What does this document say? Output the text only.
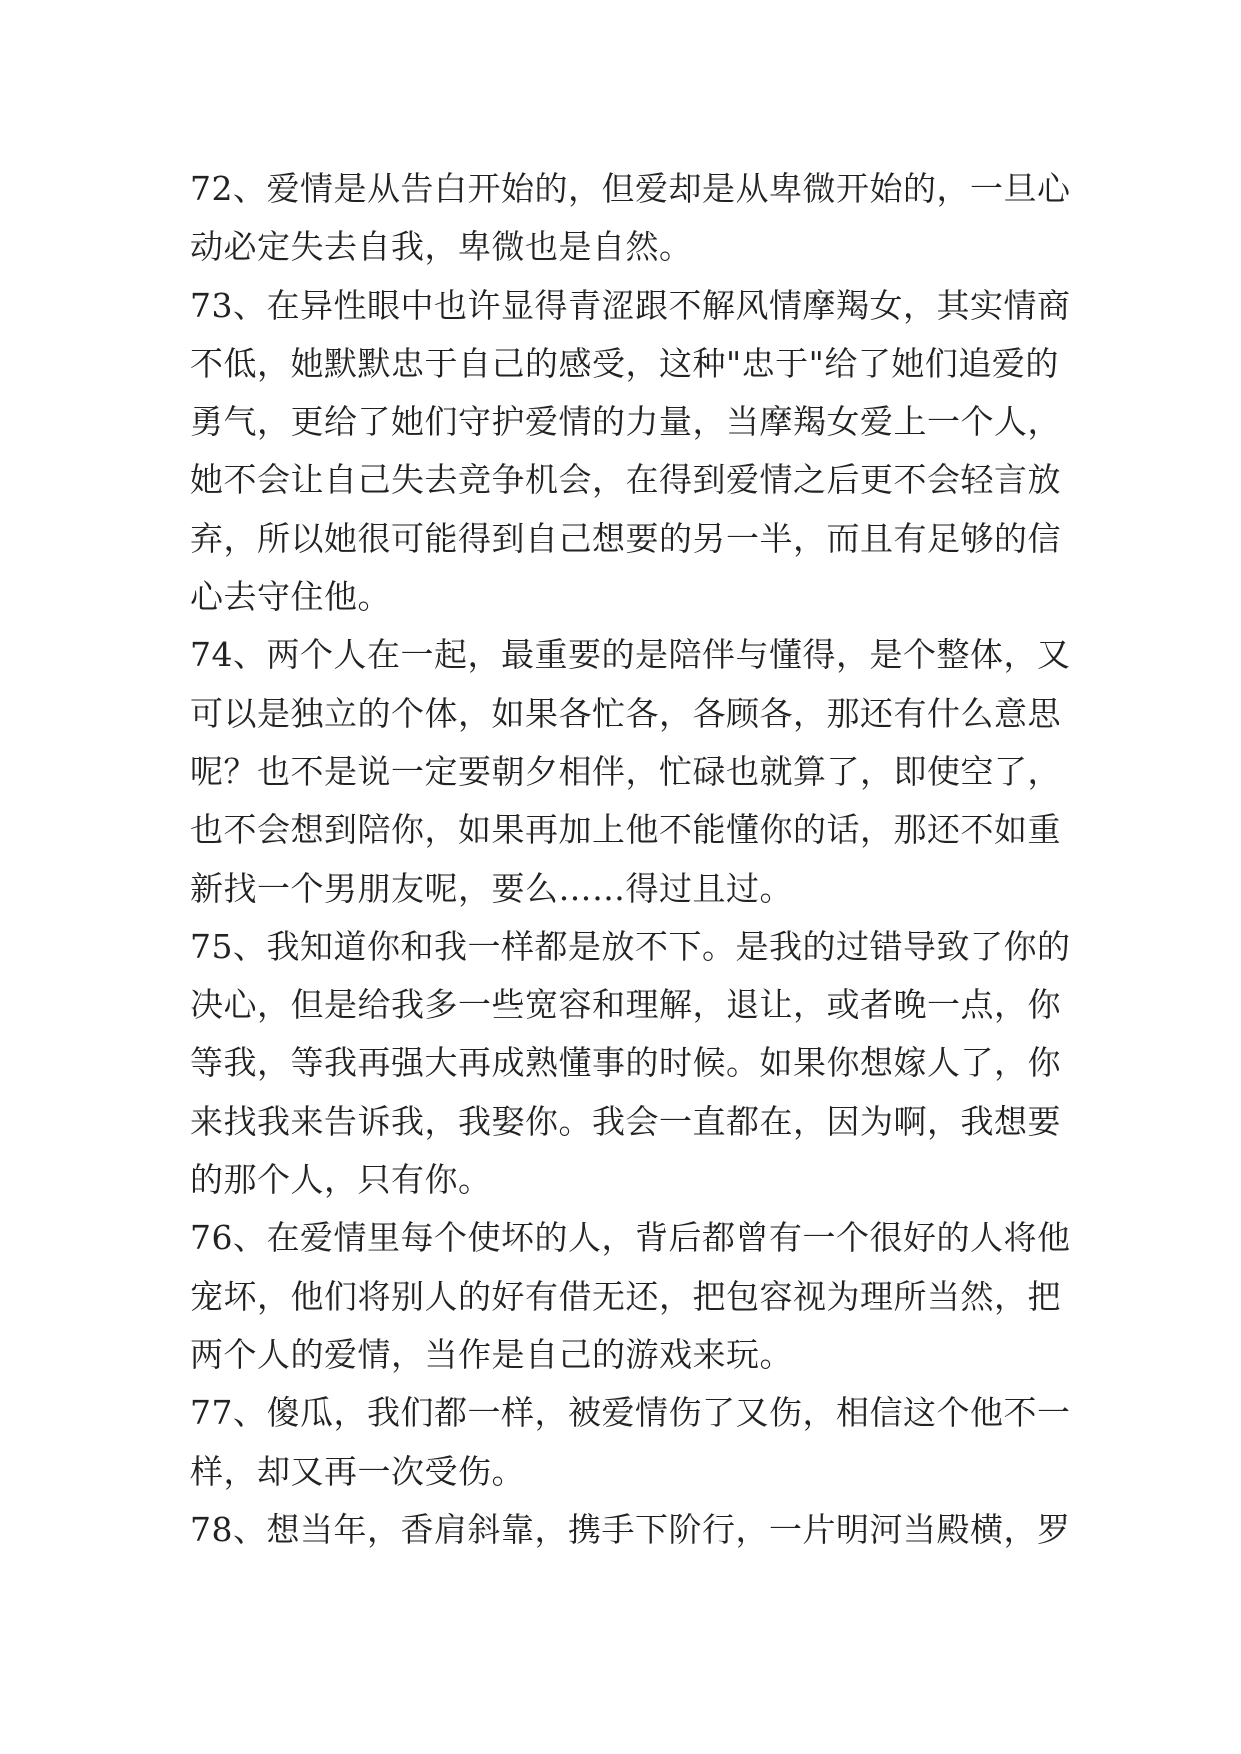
72、爱情是从告白开始的，但爱却是从卑微开始的，一旦心
动必定失去自我，卑微也是自然。
73、在异性眼中也许显得青涩跟不解风情摩羯女，其实情商
不低，她默默忠于自己的感受，这种"忠于"给了她们追爱的
勇气，更给了她们守护爱情的力量，当摩羯女爱上一个人，
她不会让自己失去竞争机会，在得到爱情之后更不会轻言放
弃，所以她很可能得到自己想要的另一半，而且有足够的信
心去守住他。
74、两个人在一起，最重要的是陪伴与懂得，是个整体，又
可以是独立的个体，如果各忙各，各顾各，那还有什么意思
呢？也不是说一定要朝夕相伴，忙碌也就算了，即使空了，
也不会想到陪你，如果再加上他不能懂你的话，那还不如重
新找一个男朋友呢，要么……得过且过。
75、我知道你和我一样都是放不下。是我的过错导致了你的
决心，但是给我多一些宽容和理解，退让，或者晚一点，你
等我，等我再强大再成熟懂事的时候。如果你想嫁人了，你
来找我来告诉我，我娶你。我会一直都在，因为啊，我想要
的那个人，只有你。
76、在爱情里每个使坏的人，背后都曾有一个很好的人将他
宠坏，他们将别人的好有借无还，把包容视为理所当然，把
两个人的爱情，当作是自己的游戏来玩。
77、傻瓜，我们都一样，被爱情伤了又伤，相信这个他不一
样，却又再一次受伤。
78、想当年，香肩斜靠，携手下阶行，一片明河当殿横，罗
